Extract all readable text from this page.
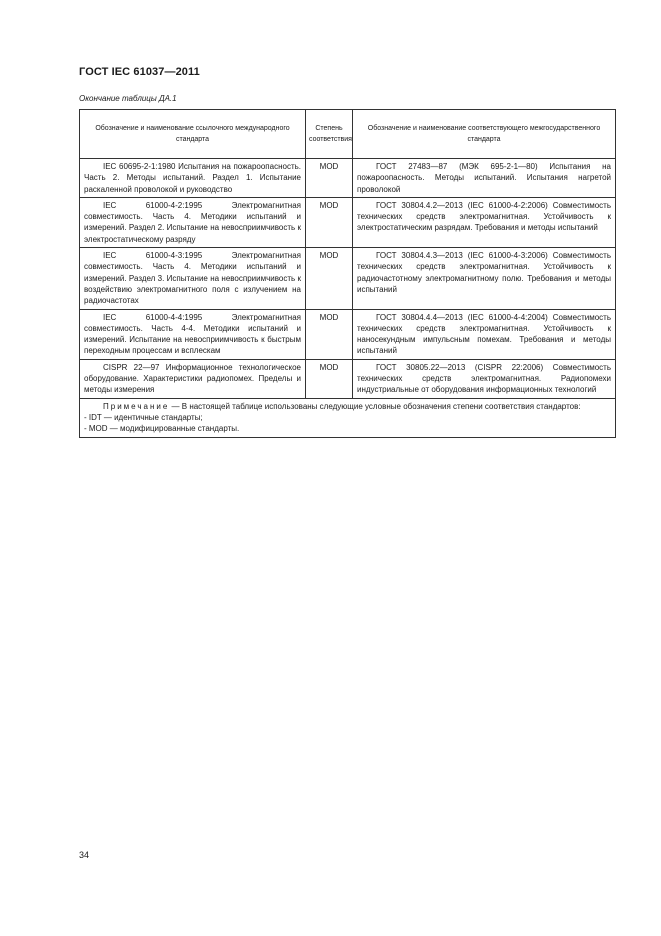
ГОСТ IEC 61037—2011
Окончание таблицы ДА.1
Обозначение и наименование ссылочного международного стандарта	Степень соответствия	Обозначение и наименование соответствующего межгосударственного стандарта
IEC 60695-2-1:1980 Испытания на пожароопасность. Часть 2. Методы испытаний. Раздел 1. Испытание раскаленной проволокой и руководство	MOD	ГОСТ 27483—87 (МЭК 695-2-1—80) Испытания на пожароопасность. Методы испытаний. Испытания нагретой проволокой
IEC 61000-4-2:1995 Электромагнитная совместимость. Часть 4. Методики испытаний и измерений. Раздел 2. Испытание на невосприимчивость к электростатическому разряду	MOD	ГОСТ 30804.4.2—2013 (IEC 61000-4-2:2006) Совместимость технических средств электромагнитная. Устойчивость к электростатическим разрядам. Требования и методы испытаний
IEC 61000-4-3:1995 Электромагнитная совместимость. Часть 4. Методики испытаний и измерений. Раздел 3. Испытание на невосприимчивость к воздействию электромагнитного поля с излучением на радиочастотах	MOD	ГОСТ 30804.4.3—2013 (IEC 61000-4-3:2006) Совместимость технических средств электромагнитная. Устойчивость к радиочастотному электромагнитному полю. Требования и методы испытаний
IEC 61000-4-4:1995 Электромагнитная совместимость. Часть 4-4. Методики испытаний и измерений. Испытание на невосприимчивость к быстрым переходным процессам и всплескам	MOD	ГОСТ 30804.4.4—2013 (IEC 61000-4-4:2004) Совместимость технических средств электромагнитная. Устойчивость к наносекундным импульсным помехам. Требования и методы испытаний
CISPR 22—97 Информационное технологическое оборудование. Характеристики радиопомех. Пределы и методы измерения	MOD	ГОСТ 30805.22—2013 (CISPR 22:2006) Совместимость технических средств электромагнитная. Радиопомехи индустриальные от оборудования информационных технологий

Примечание — В настоящей таблице использованы следующие условные обозначения степени соответствия стандартов:
- IDT — идентичные стандарты;
- MOD — модифицированные стандарты.		
34
